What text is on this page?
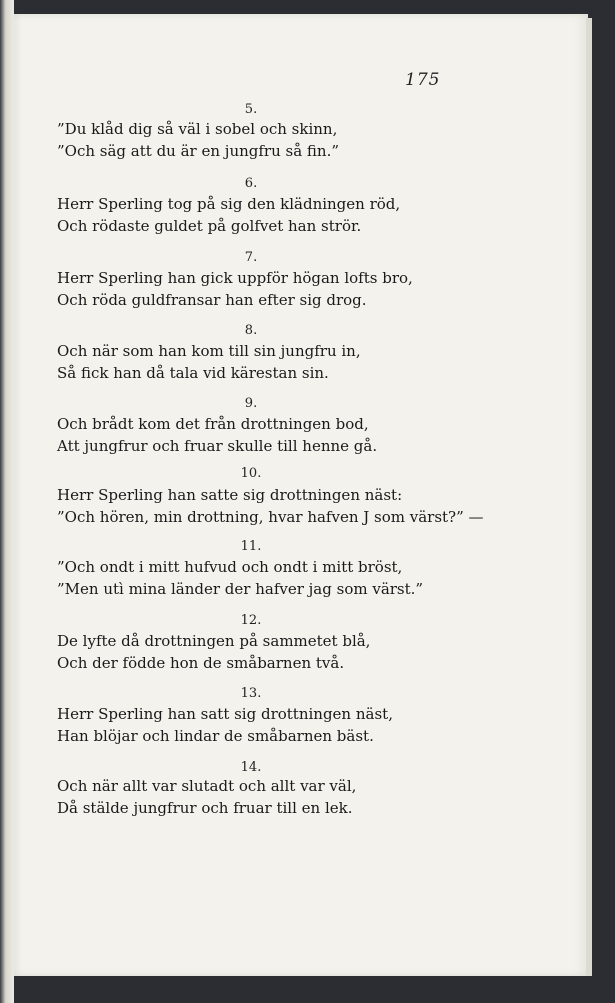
175
5.
”Du klåd dig så väl i sobel och skinn,
”Och säg att du är en jungfru så fin.”
6.
Herr Sperling tog på sig den klädningen röd,
Och rödaste guldet på golfvet han strör.
7.
Herr Sperling han gick uppför högan lofts bro,
Och röda guldfransar han efter sig drog.
8.
Och när som han kom till sin jungfru in,
Så fick han då tala vid kärestan sin.
9.
Och brådt kom det från drottningen bod,
Att jungfrur och fruar skulle till henne gå.
10.
Herr Sperling han satte sig drottningen näst:
”Och hören, min drottning, hvar hafven J som värst?” —
11.
”Och ondt i mitt hufvud och ondt i mitt bröst,
”Men utì mina länder der hafver jag som värst.”
12.
De lyfte då drottningen på sammetet blå,
Och der födde hon de småbarnen två.
13.
Herr Sperling han satt sig drottningen näst,
Han blöjar och lindar de småbarnen bäst.
14.
Och när allt var slutadt och allt var väl,
Då stälde jungfrur och fruar till en lek.
